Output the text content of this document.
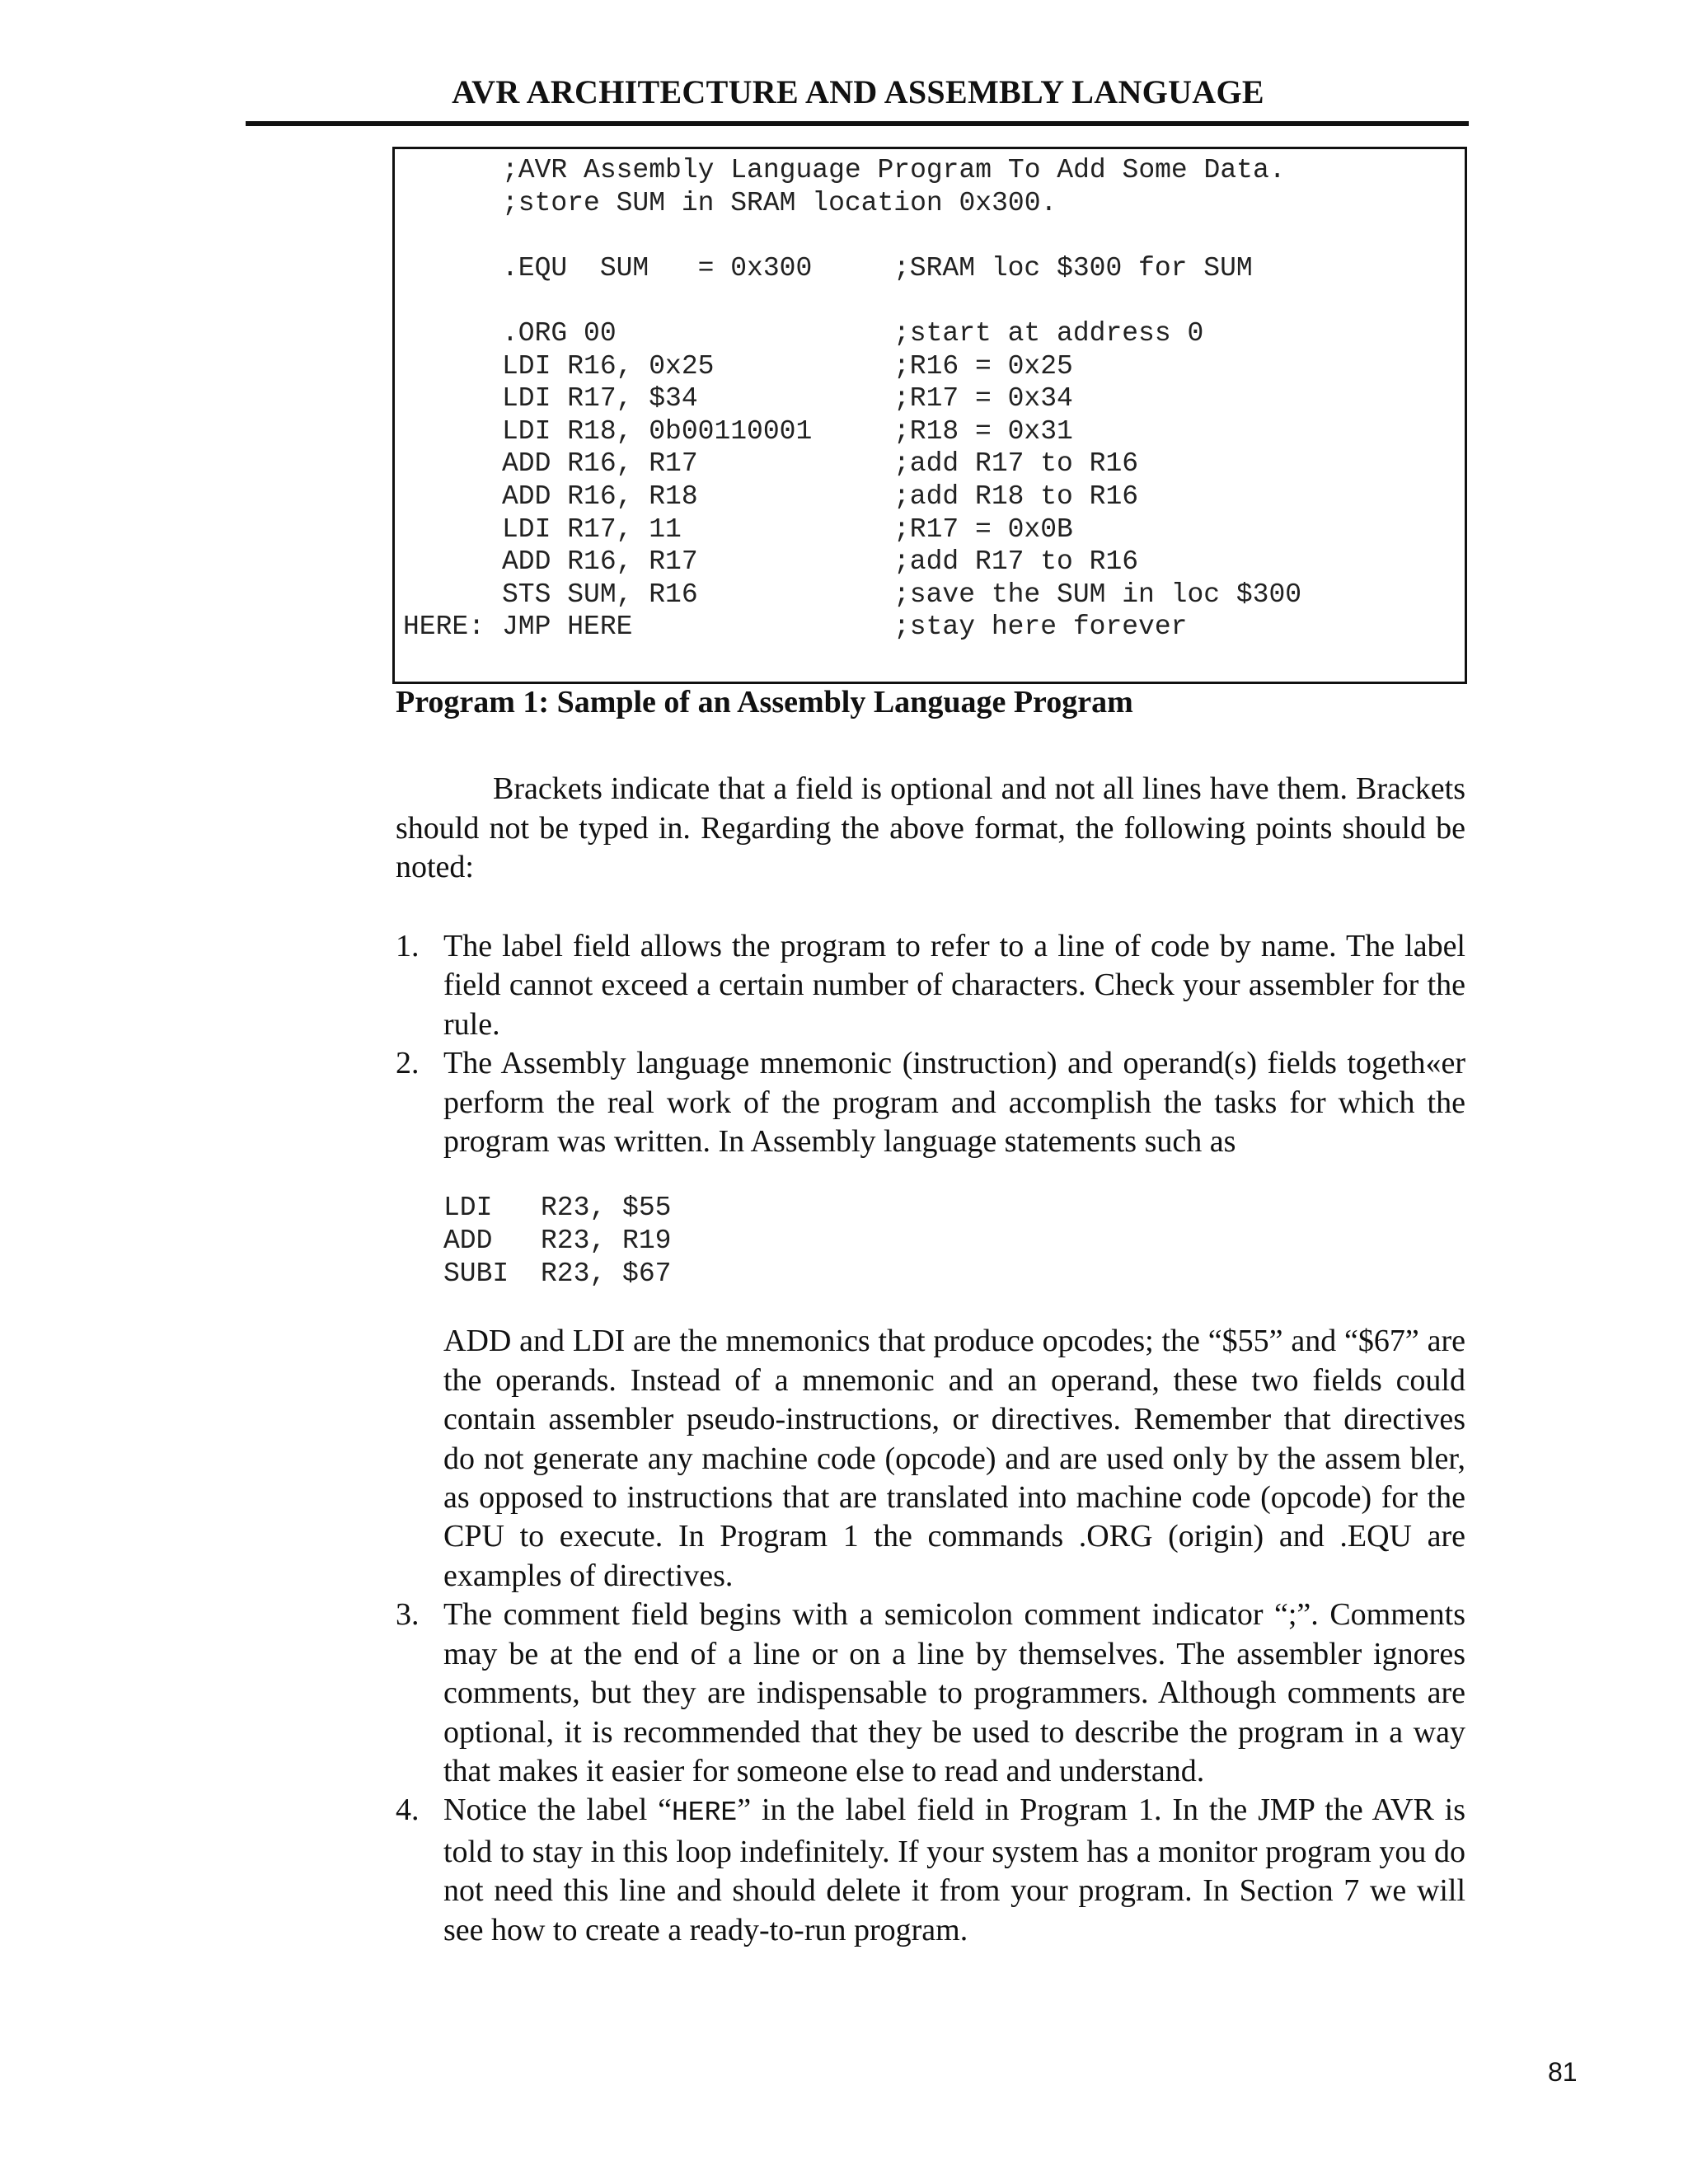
AVR ARCHITECTURE AND ASSEMBLY LANGUAGE
;AVR Assembly Language Program To Add Some Data.
;store SUM in SRAM location 0x300.
.EQU  SUM   = 0x300	;SRAM loc $300 for SUM
.ORG 00	;start at address 0
LDI R16, 0x25	;R16 = 0x25
LDI R17, $34	;R17 = 0x34
LDI R18, 0b00110001	;R18 = 0x31
ADD R16, R17	;add R17 to R16
ADD R16, R18	;add R18 to R16
LDI R17, 11	;R17 = 0x0B
ADD R16, R17	;add R17 to R16
STS SUM, R16	;save the SUM in loc $300
HERE: JMP HERE	;stay here forever
Program 1: Sample of an Assembly Language Program
Brackets indicate that a field is optional and not all lines have them. Brackets should not be typed in. Regarding the above format, the following points should be noted:
1. The label field allows the program to refer to a line of code by name. The label field cannot exceed a certain number of characters. Check your assembler for the rule.

2. The Assembly language mnemonic (instruction) and operand(s) fields togeth«er perform the real work of the program and accomplish the tasks for which the program was written. In Assembly language statements such as

LDI R23, $55
ADD R23, R19
SUBI R23, $67

ADD and LDI are the mnemonics that produce opcodes; the “$55” and “$67” are the operands. Instead of a mnemonic and an operand, these two fields could contain assembler pseudo-instructions, or directives. Remember that directives do not generate any machine code (opcode) and are used only by the assem bler, as opposed to instructions that are translated into machine code (opcode) for the CPU to execute. In Program 1 the commands .ORG (origin) and .EQU are examples of directives.

3. The comment field begins with a semicolon comment indicator “;”. Comments may be at the end of a line or on a line by themselves. The assembler ignores comments, but they are indispensable to programmers. Although comments are optional, it is recommended that they be used to describe the program in a way that makes it easier for someone else to read and understand.

4. Notice the label “HERE” in the label field in Program 1. In the JMP the AVR is told to stay in this loop indefinitely. If your system has a monitor program you do not need this line and should delete it from your program. In Section 7 we will see how to create a ready-to-run program.

81
